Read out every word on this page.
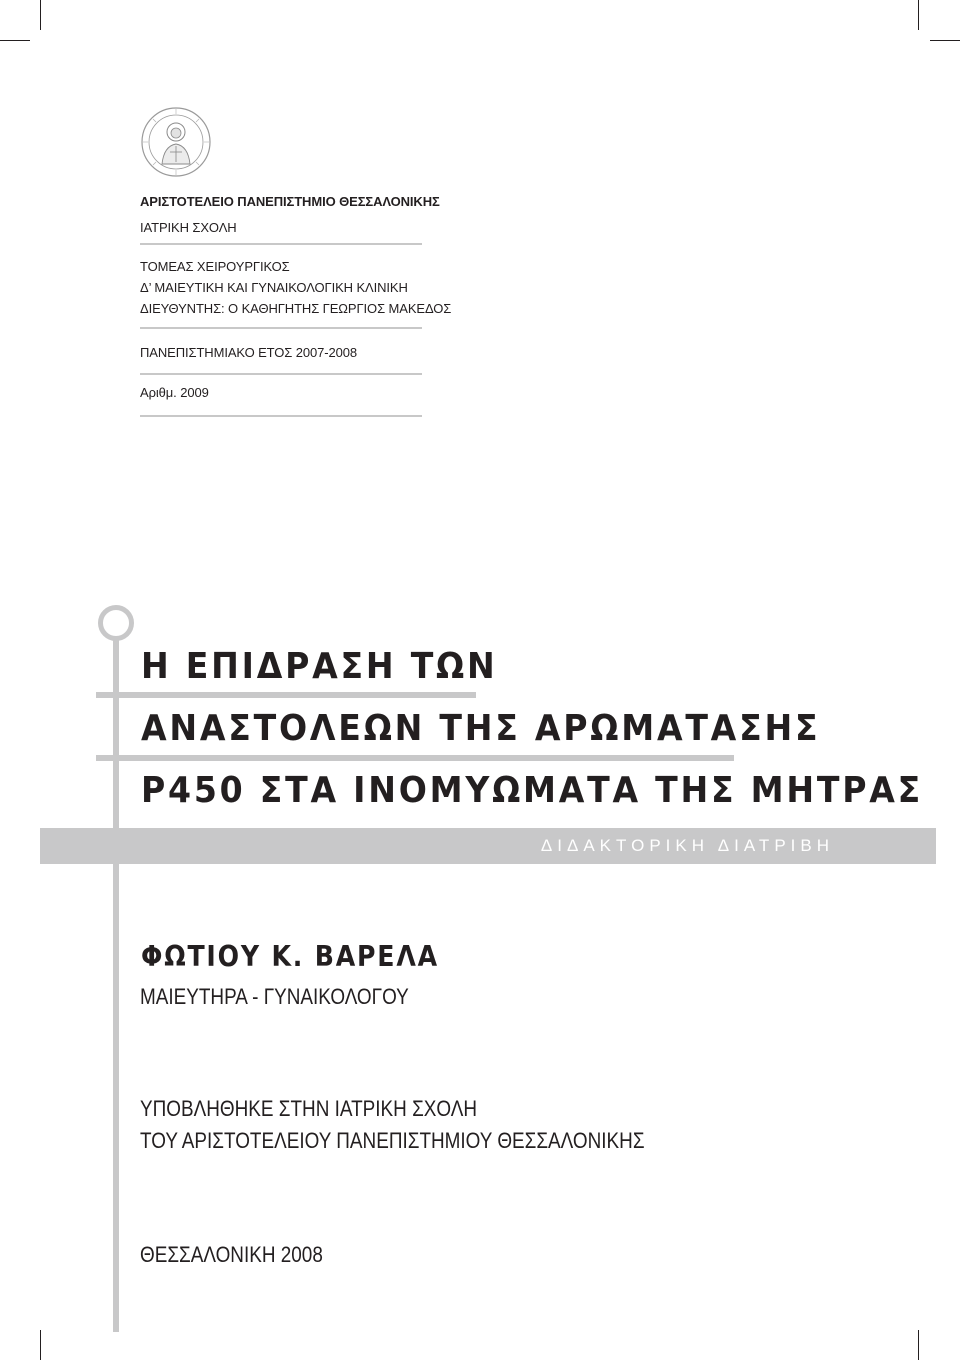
ΑΡΙΣΤΟΤΕΛΕΙΟ ΠΑΝΕΠΙΣΤΗΜΙΟ ΘΕΣΣΑΛΟΝΙΚΗΣ
ΙΑΤΡΙΚΗ ΣΧΟΛΗ
ΤΟΜΕΑΣ ΧΕΙΡΟΥΡΓΙΚΟΣ
Δ’ ΜΑΙΕΥΤΙΚΗ ΚΑΙ ΓΥΝΑΙΚΟΛΟΓΙΚΗ ΚΛΙΝΙΚΗ
ΔΙΕΥΘΥΝΤΗΣ: Ο ΚΑΘΗΓΗΤΗΣ ΓΕΩΡΓΙΟΣ ΜΑΚΕΔΟΣ
ΠΑΝΕΠΙΣΤΗΜΙΑΚΟ ΕΤΟΣ 2007-2008
Αριθμ. 2009
Η ΕΠΙΔΡΑΣΗ ΤΩΝ
ΑΝΑΣΤΟΛΕΩΝ ΤΗΣ ΑΡΩΜΑΤΑΣΗΣ
Ρ450 ΣΤΑ ΙΝΟΜΥΩΜΑΤΑ ΤΗΣ ΜΗΤΡΑΣ
ΔΙΔΑΚΤΟΡΙΚΗ ΔΙΑΤΡΙΒΗ
ΦΩΤΙΟΥ Κ. ΒΑΡΕΛΑ
ΜΑΙΕΥΤΗΡΑ - ΓΥΝΑΙΚΟΛΟΓΟΥ
ΥΠΟΒΛΗΘΗΚΕ ΣΤΗΝ ΙΑΤΡΙΚΗ ΣΧΟΛΗ
ΤΟΥ ΑΡΙΣΤΟΤΕΛΕΙΟΥ ΠΑΝΕΠΙΣΤΗΜΙΟΥ ΘΕΣΣΑΛΟΝΙΚΗΣ
ΘΕΣΣΑΛΟΝΙΚΗ 2008
